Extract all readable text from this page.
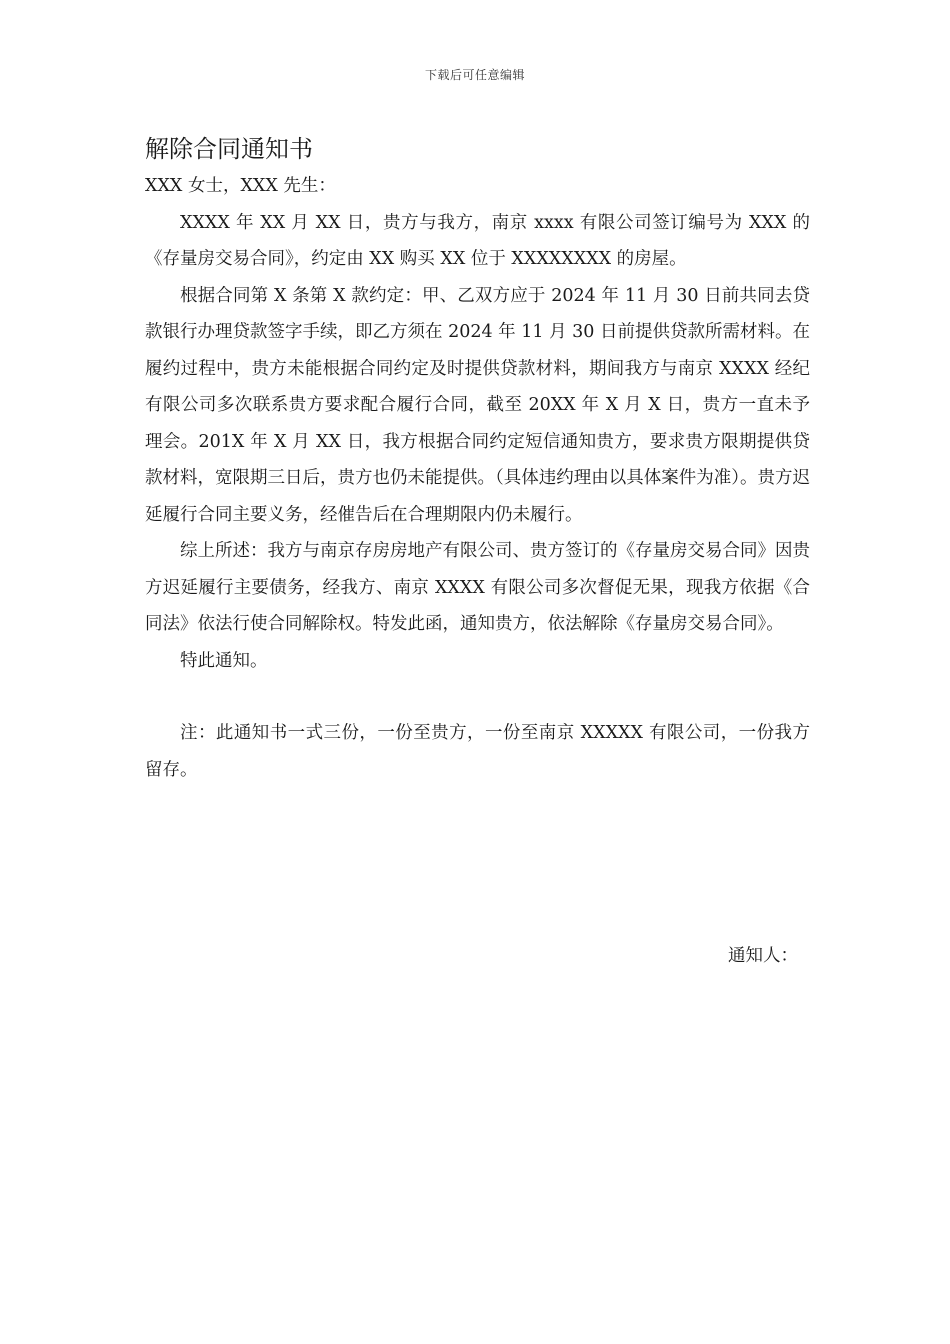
下载后可任意编辑
解除合同通知书

XXX 女士，XXX 先生：

XXXX 年 XX 月 XX 日，贵方与我方，南京 xxxx 有限公司签订编号为 XXX 的《存量房交易合同》，约定由 XX 购买 XX 位于 XXXXXXXX 的房屋。

根据合同第 X 条第 X 款约定：甲、乙双方应于 2024 年 11 月 30 日前共同去贷款银行办理贷款签字手续，即乙方须在 2024 年 11 月 30 日前提供贷款所需材料。在履约过程中，贵方未能根据合同约定及时提供贷款材料，期间我方与南京 XXXX 经纪有限公司多次联系贵方要求配合履行合同，截至 20XX 年 X 月 X 日，贵方一直未予理会。201X 年 X 月 XX 日，我方根据合同约定短信通知贵方，要求贵方限期提供贷款材料，宽限期三日后，贵方也仍未能提供。（具体违约理由以具体案件为准）。贵方迟延履行合同主要义务，经催告后在合理期限内仍未履行。

综上所述：我方与南京存房房地产有限公司、贵方签订的《存量房交易合同》因贵方迟延履行主要债务，经我方、南京 XXXX 有限公司多次督促无果，现我方依据《合同法》依法行使合同解除权。特发此函，通知贵方，依法解除《存量房交易合同》。

特此通知。

注：此通知书一式三份，一份至贵方，一份至南京 XXXXX 有限公司，一份我方留存。

通知人：
